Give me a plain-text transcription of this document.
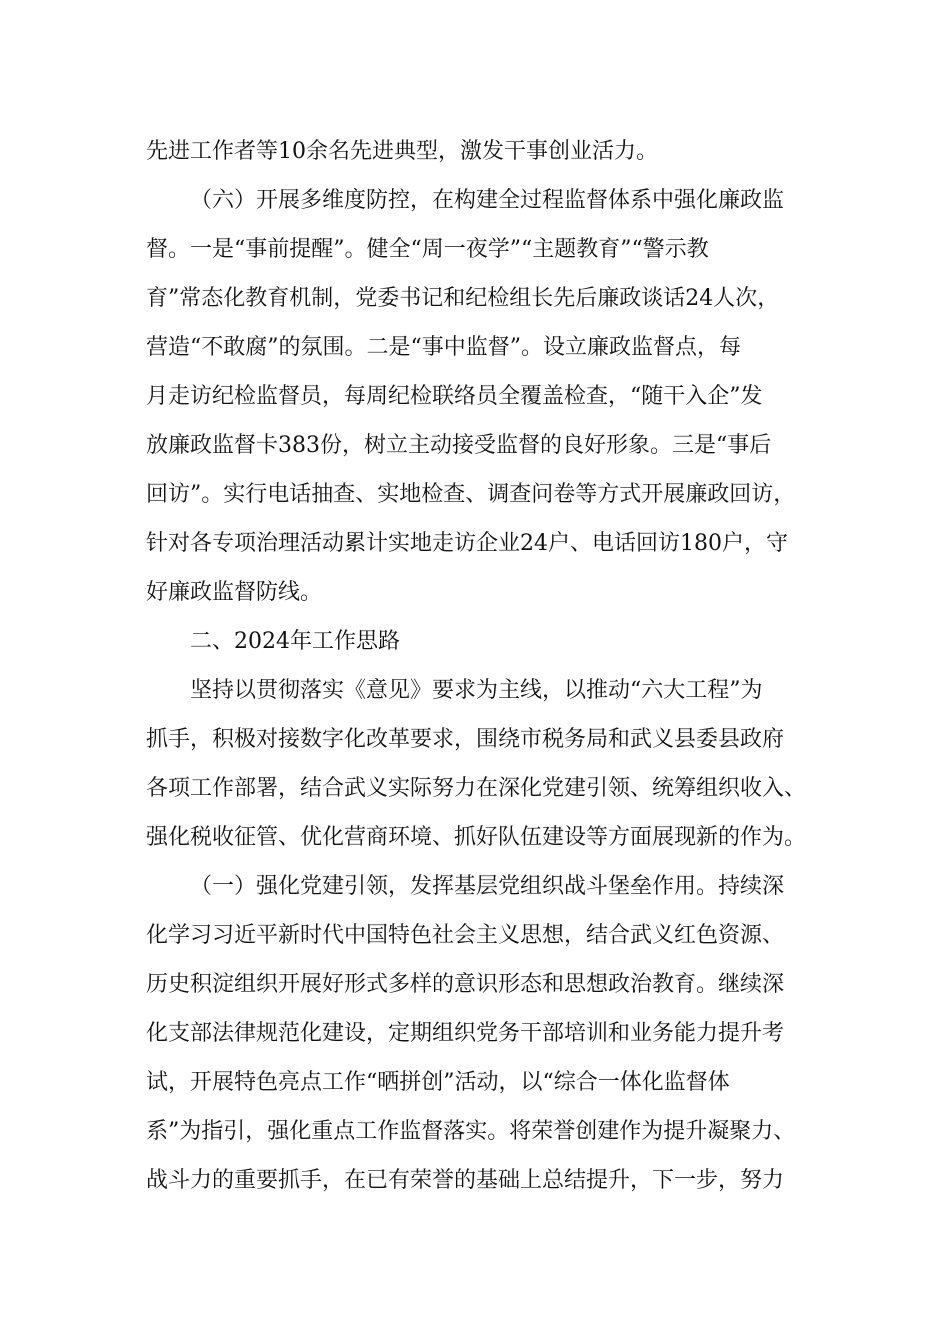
先进工作者等10余名先进典型，激发干事创业活力。
（六）开展多维度防控，在构建全过程监督体系中强化廉政监
督。一是“事前提醒”。健全“周一夜学”“主题教育”“警示教
育”常态化教育机制，党委书记和纪检组长先后廉政谈话24人次，
营造“不敢腐”的氛围。二是“事中监督”。设立廉政监督点，每
月走访纪检监督员，每周纪检联络员全覆盖检查，“随干入企”发
放廉政监督卡383份，树立主动接受监督的良好形象。三是“事后
回访”。实行电话抽查、实地检查、调查问卷等方式开展廉政回访，
针对各专项治理活动累计实地走访企业24户、电话回访180户，守
好廉政监督防线。
二、2024年工作思路
坚持以贯彻落实《意见》要求为主线，以推动“六大工程”为
抓手，积极对接数字化改革要求，围绕市税务局和武义县委县政府
各项工作部署，结合武义实际努力在深化党建引领、统筹组织收入、
强化税收征管、优化营商环境、抓好队伍建设等方面展现新的作为。
（一）强化党建引领，发挥基层党组织战斗堡垒作用。持续深
化学习习近平新时代中国特色社会主义思想，结合武义红色资源、
历史积淀组织开展好形式多样的意识形态和思想政治教育。继续深
化支部法律规范化建设，定期组织党务干部培训和业务能力提升考
试，开展特色亮点工作“晒拼创”活动，以“综合一体化监督体
系”为指引，强化重点工作监督落实。将荣誉创建作为提升凝聚力、
战斗力的重要抓手，在已有荣誉的基础上总结提升，下一步，努力
